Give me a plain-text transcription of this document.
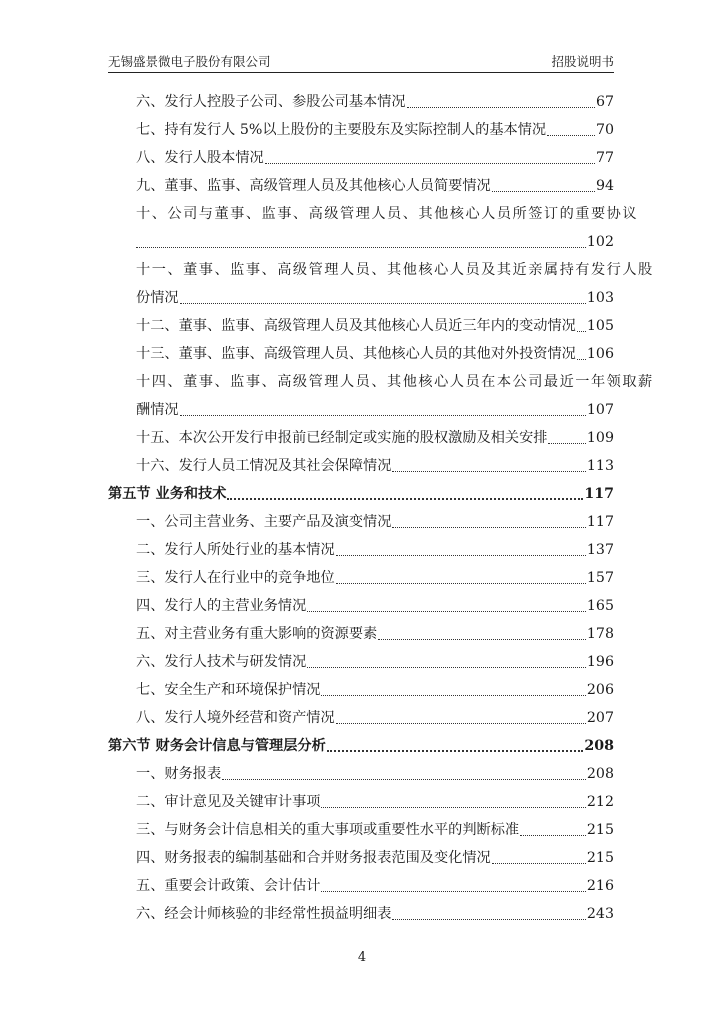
无锡盛景微电子股份有限公司	招股说明书
六、发行人控股子公司、参股公司基本情况	67
七、持有发行人 5%以上股份的主要股东及实际控制人的基本情况	70
八、发行人股本情况	77
九、董事、监事、高级管理人员及其他核心人员简要情况	94
十、公司与董事、监事、高级管理人员、其他核心人员所签订的重要协议
102
十一、董事、监事、高级管理人员、其他核心人员及其近亲属持有发行人股
份情况	103
十二、董事、监事、高级管理人员及其他核心人员近三年内的变动情况 105
十三、董事、监事、高级管理人员、其他核心人员的其他对外投资情况 106
十四、董事、监事、高级管理人员、其他核心人员在本公司最近一年领取薪
酬情况	107
十五、本次公开发行申报前已经制定或实施的股权激励及相关安排	109
十六、发行人员工情况及其社会保障情况	113
第五节 业务和技术	117
一、公司主营业务、主要产品及演变情况	117
二、发行人所处行业的基本情况	137
三、发行人在行业中的竞争地位	157
四、发行人的主营业务情况	165
五、对主营业务有重大影响的资源要素	178
六、发行人技术与研发情况	196
七、安全生产和环境保护情况	206
八、发行人境外经营和资产情况	207
第六节 财务会计信息与管理层分析	208
一、财务报表	208
二、审计意见及关键审计事项	212
三、与财务会计信息相关的重大事项或重要性水平的判断标准	215
四、财务报表的编制基础和合并财务报表范围及变化情况	215
五、重要会计政策、会计估计	216
六、经会计师核验的非经常性损益明细表	243
4
